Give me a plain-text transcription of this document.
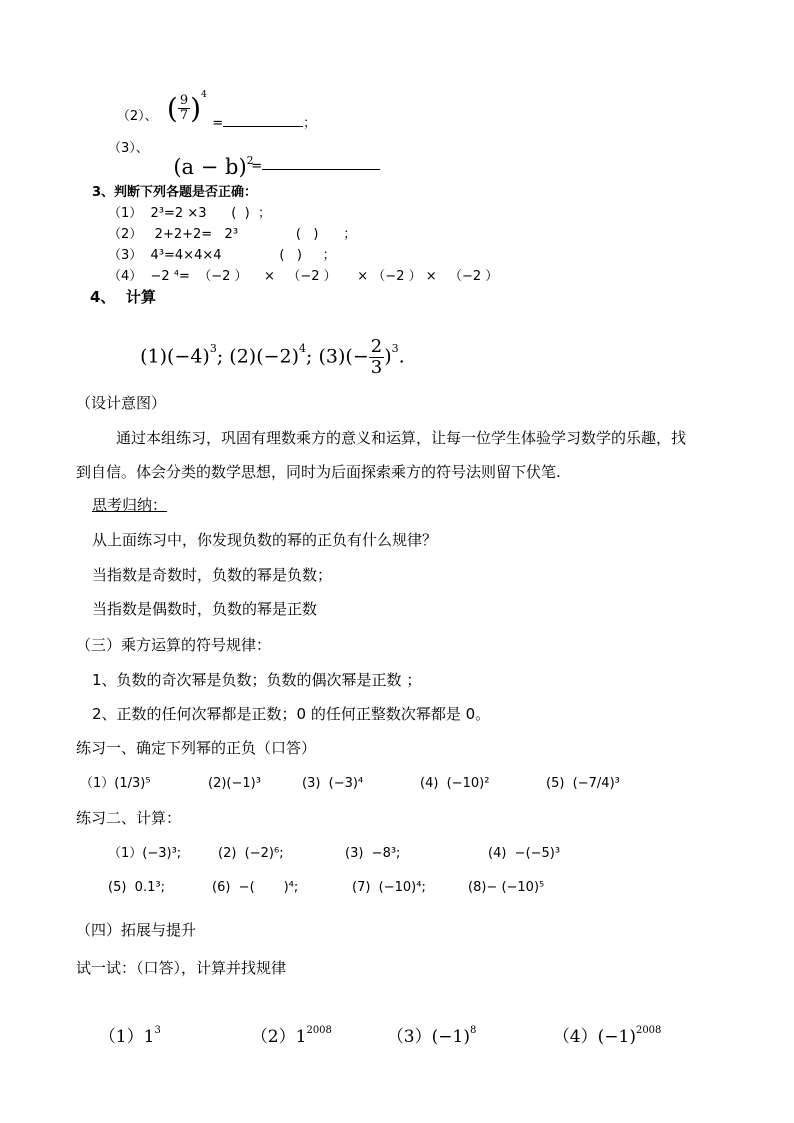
（2）、 ( $\frac{9}{7} )^4$

=	；

（3）、

$(a - b)^2$

=

3、判断下列各题是否正确：
（1）  2³=2 ×3      (  )  ；
（2）   2+2+2=   2³              (   )      ；
（3）  4³=4×4×4              (   )     ；
（4）  −2 ⁴=  （−2 ）    ×   （−2 ）     × （−2 ） ×   （−2 ）
4、  计算

$(1)(-4)^3$; $(2)(-2)^4$; $(3)(- \frac{2}{3} )^3$.

（设计意图）
通过本组练习，巩固有理数乘方的意义和运算，让每一位学生体验学习数学的乐趣，找
到自信。体会分类的数学思想，同时为后面探索乘方的符号法则留下伏笔.
思考归纳：
从上面练习中，你发现负数的幂的正负有什么规律？
当指数是奇数时，负数的幂是负数；
当指数是偶数时，负数的幂是正数
（三）乘方运算的符号规律：
1、负数的奇次幂是负数；负数的偶次幂是正数 ；
2、正数的任何次幂都是正数；0 的任何正整数次幂都是 0。
练习一、确定下列幂的正负（口答）
（1）(1/3)⁵	(2)(−1)³	(3)  (−3)⁴	(4)  (−10)²	(5)  (−7/4)³
练习二、计算：
（1）(−3)³;	(2)  (−2)⁶;	(3)  −8³;	(4)  −(−5)³
(5)  0.1³;	(6)  −(       )⁴;	(7)  (−10)⁴;	(8)− (−10)⁵
（四）拓展与提升
试一试：（口答），计算并找规律

$(1)1^3$	$(2)1^{2008}$	$(3)(-1)^8$	$(4)(-1)^{2008}$
